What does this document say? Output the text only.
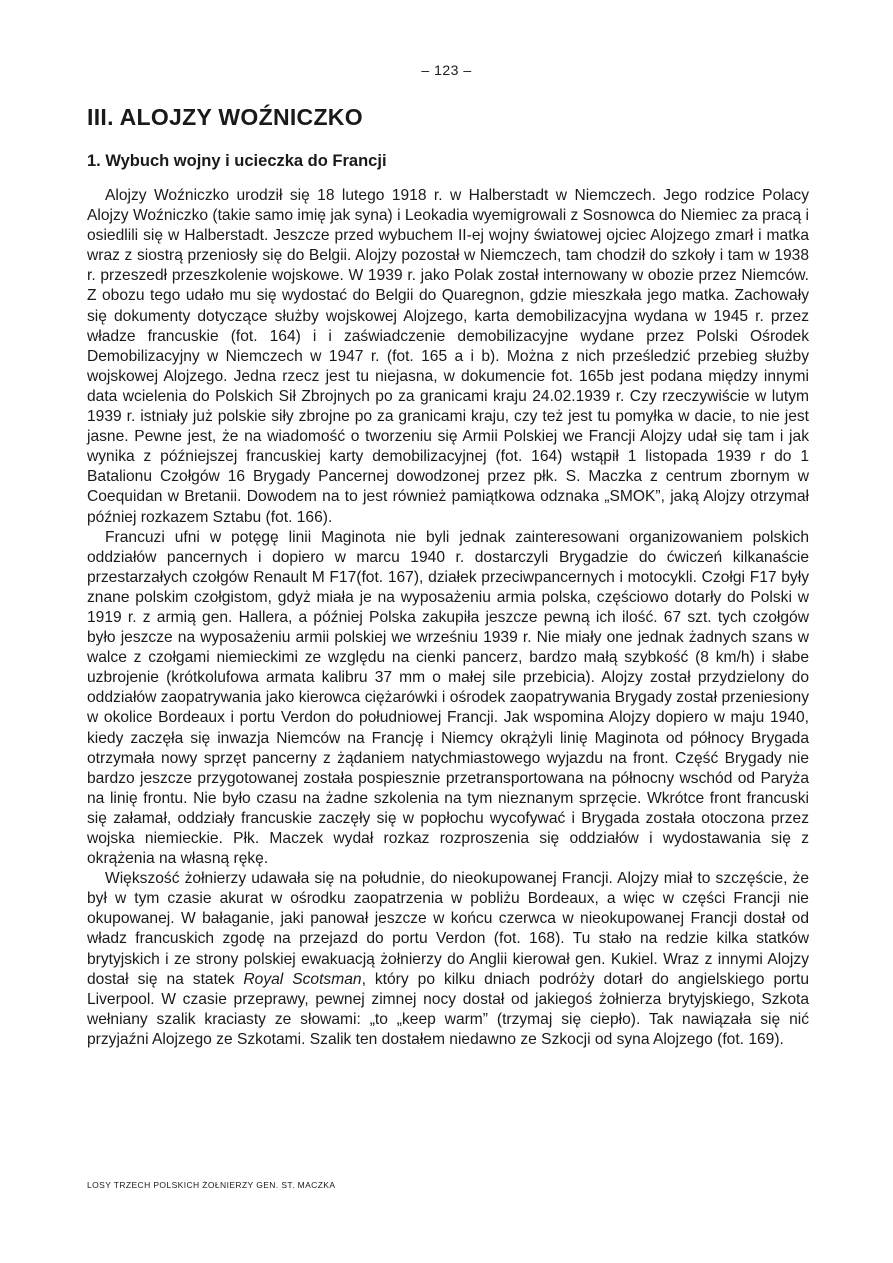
– 123 –
III. ALOJZY WOŹNICZKO
1. Wybuch wojny i ucieczka do Francji

Alojzy Woźniczko urodził się 18 lutego 1918 r. w Halberstadt w Niemczech. Jego rodzice Polacy Alojzy Woźniczko (takie samo imię jak syna) i Leokadia wyemigrowali z Sosnowca do Niemiec za pracą i osiedlili się w Halberstadt. Jeszcze przed wybuchem II-ej wojny światowej ojciec Alojzego zmarł i matka wraz z siostrą przeniosły się do Belgii. Alojzy pozostał w Niemczech, tam chodził do szkoły i tam w 1938 r. przeszedł przeszkolenie wojskowe. W 1939 r. jako Polak został internowany w obozie przez Niemców. Z obozu tego udało mu się wydostać do Belgii do Quaregnon, gdzie mieszkała jego matka. Zachowały się dokumenty dotyczące służby wojskowej Alojzego, karta demobilizacyjna wydana w 1945 r. przez władze francuskie (fot. 164) i i zaświadczenie demobilizacyjne wydane przez Polski Ośrodek Demobilizacyjny w Niemczech w 1947 r. (fot. 165 a i b). Można z nich prześledzić przebieg służby wojskowej Alojzego. Jedna rzecz jest tu niejasna, w dokumencie fot. 165b jest podana między innymi data wcielenia do Polskich Sił Zbrojnych po za granicami kraju 24.02.1939 r. Czy rzeczywiście w lutym 1939 r. istniały już polskie siły zbrojne po za granicami kraju, czy też jest tu pomyłka w dacie, to nie jest jasne. Pewne jest, że na wiadomość o tworzeniu się Armii Polskiej we Francji Alojzy udał się tam i jak wynika z późniejszej francuskiej karty demobilizacyjnej (fot. 164) wstąpił 1 listopada 1939 r do 1 Batalionu Czołgów 16 Brygady Pancernej dowodzonej przez płk. S. Maczka z centrum zbornym w Coequidan w Bretanii. Dowodem na to jest również pamiątkowa odznaka „SMOK”, jaką Alojzy otrzymał później rozkazem Sztabu (fot. 166).

Francuzi ufni w potęgę linii Maginota nie byli jednak zainteresowani organizowaniem polskich oddziałów pancernych i dopiero w marcu 1940 r. dostarczyli Brygadzie do ćwiczeń kilkanaście przestarzałych czołgów Renault M F17(fot. 167), działek przeciwpancernych i motocykli. Czołgi F17 były znane polskim czołgistom, gdyż miała je na wyposażeniu armia polska, częściowo dotarły do Polski w 1919 r. z armią gen. Hallera, a później Polska zakupiła jeszcze pewną ich ilość. 67 szt. tych czołgów było jeszcze na wyposażeniu armii polskiej we wrześniu 1939 r. Nie miały one jednak żadnych szans w walce z czołgami niemieckimi ze względu na cienki pancerz, bardzo małą szybkość (8 km/h) i słabe uzbrojenie (krótkolufowa armata kalibru 37 mm o małej sile przebicia). Alojzy został przydzielony do oddziałów zaopatrywania jako kierowca ciężarówki i ośrodek zaopatrywania Brygady został przeniesiony w okolice Bordeaux i portu Verdon do południowej Francji. Jak wspomina Alojzy dopiero w maju 1940, kiedy zaczęła się inwazja Niemców na Francję i Niemcy okrążyli linię Maginota od północy Brygada otrzymała nowy sprzęt pancerny z żądaniem natychmiastowego wyjazdu na front. Część Brygady nie bardzo jeszcze przygotowanej została pospiesznie przetransportowana na północny wschód od Paryża na linię frontu. Nie było czasu na żadne szkolenia na tym nieznanym sprzęcie. Wkrótce front francuski się załamał, oddziały francuskie zaczęły się w popłochu wycofywać i Brygada została otoczona przez wojska niemieckie. Płk. Maczek wydał rozkaz rozproszenia się oddziałów i wydostawania się z okrążenia na własną rękę.

Większość żołnierzy udawała się na południe, do nieokupowanej Francji. Alojzy miał to szczęście, że był w tym czasie akurat w ośrodku zaopatrzenia w pobliżu Bordeaux, a więc w części Francji nie okupowanej. W bałaganie, jaki panował jeszcze w końcu czerwca w nieokupowanej Francji dostał od władz francuskich zgodę na przejazd do portu Verdon (fot. 168). Tu stało na redzie kilka statków brytyjskich i ze strony polskiej ewakuacją żołnierzy do Anglii kierował gen. Kukiel. Wraz z innymi Alojzy dostał się na statek Royal Scotsman, który po kilku dniach podróży dotarł do angielskiego portu Liverpool. W czasie przeprawy, pewnej zimnej nocy dostał od jakiegoś żołnierza brytyjskiego, Szkota wełniany szalik kraciasty ze słowami: „to „keep warm” (trzymaj się ciepło). Tak nawiązała się nić przyjaźni Alojzego ze Szkotami. Szalik ten dostałem niedawno ze Szkocji od syna Alojzego (fot. 169).

LOSY TRZECH POLSKICH ŻOŁNIERZY GEN. ST. MACZKA
